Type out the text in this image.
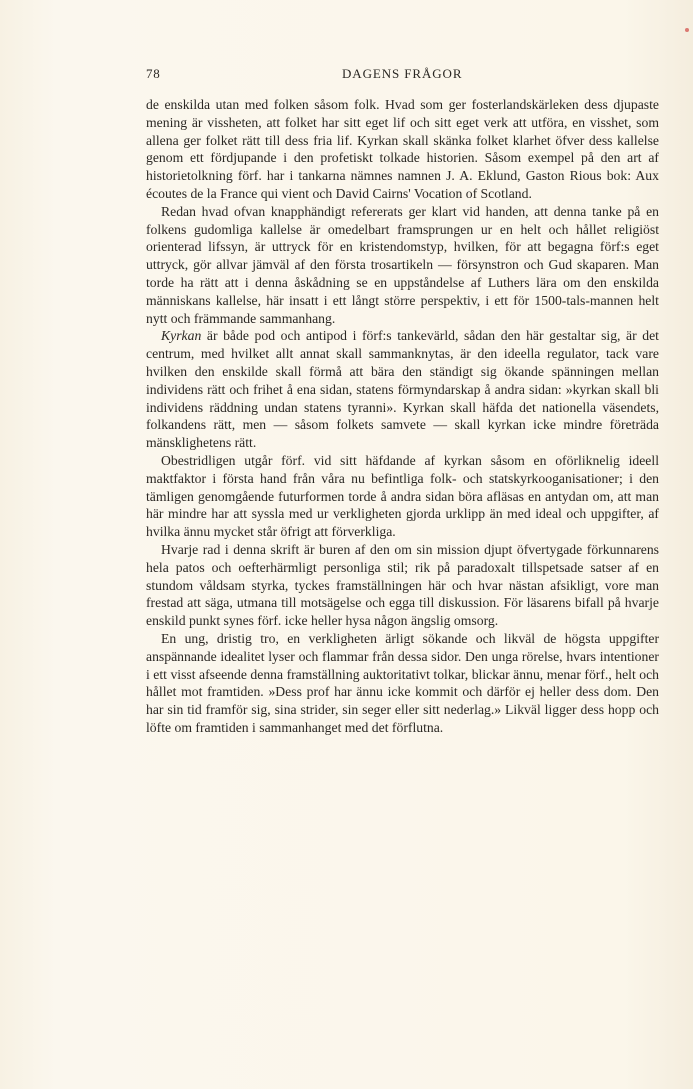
78	DAGENS FRÅGOR

de enskilda utan med folken såsom folk. Hvad som ger fosterlandskärleken dess djupaste mening är vissheten, att folket har sitt eget lif och sitt eget verk att utföra, en visshet, som allena ger folket rätt till dess fria lif. Kyrkan skall skänka folket klarhet öfver dess kallelse genom ett fördjupande i den profetiskt tolkade historien. Såsom exempel på den art af historietolkning förf. har i tankarna nämnes namnen J. A. Eklund, Gaston Rious bok: Aux écoutes de la France qui vient och David Cairns' Vocation of Scotland.

Redan hvad ofvan knapphändigt refererats ger klart vid handen, att denna tanke på en folkens gudomliga kallelse är omedelbart framsprungen ur en helt och hållet religiöst orienterad lifssyn, är uttryck för en kristendomstyp, hvilken, för att begagna förf:s eget uttryck, gör allvar jämväl af den första trosartikeln — försynstron och Gud skaparen. Man torde ha rätt att i denna åskådning se en uppståndelse af Luthers lära om den enskilda människans kallelse, här insatt i ett långt större perspektiv, i ett för 1500-tals-mannen helt nytt och främmande sammanhang.

Kyrkan är både pod och antipod i förf:s tankevärld, sådan den här gestaltar sig, är det centrum, med hvilket allt annat skall sammanknytas, är den ideella regulator, tack vare hvilken den enskilde skall förmå att bära den ständigt sig ökande spänningen mellan individens rätt och frihet å ena sidan, statens förmyndarskap å andra sidan: »kyrkan skall bli individens räddning undan statens tyranni». Kyrkan skall häfda det nationella väsendets, folkandens rätt, men — såsom folkets samvete — skall kyrkan icke mindre företräda mänsklighetens rätt.

Obestridligen utgår förf. vid sitt häfdande af kyrkan såsom en oförliknelig ideell maktfaktor i första hand från våra nu befintliga folk- och statskyrkooganisationer; i den tämligen genomgående futurformen torde å andra sidan böra afläsas en antydan om, att man här mindre har att syssla med ur verkligheten gjorda urklipp än med ideal och uppgifter, af hvilka ännu mycket står öfrigt att förverkliga.

Hvarje rad i denna skrift är buren af den om sin mission djupt öfvertygade förkunnarens hela patos och oefterhärmligt personliga stil; rik på paradoxalt tillspetsade satser af en stundom våldsam styrka, tyckes framställningen här och hvar nästan afsikligt, vore man frestad att säga, utmana till motsägelse och egga till diskussion. För läsarens bifall på hvarje enskild punkt synes förf. icke heller hysa någon ängslig omsorg.

En ung, dristig tro, en verkligheten ärligt sökande och likväl de högsta uppgifter anspännande idealitet lyser och flammar från dessa sidor. Den unga rörelse, hvars intentioner i ett visst afseende denna framställning auktoritativt tolkar, blickar ännu, menar förf., helt och hållet mot framtiden. »Dess prof har ännu icke kommit och därför ej heller dess dom. Den har sin tid framför sig, sina strider, sin seger eller sitt nederlag.» Likväl ligger dess hopp och löfte om framtiden i sammanhanget med det förflutna.
